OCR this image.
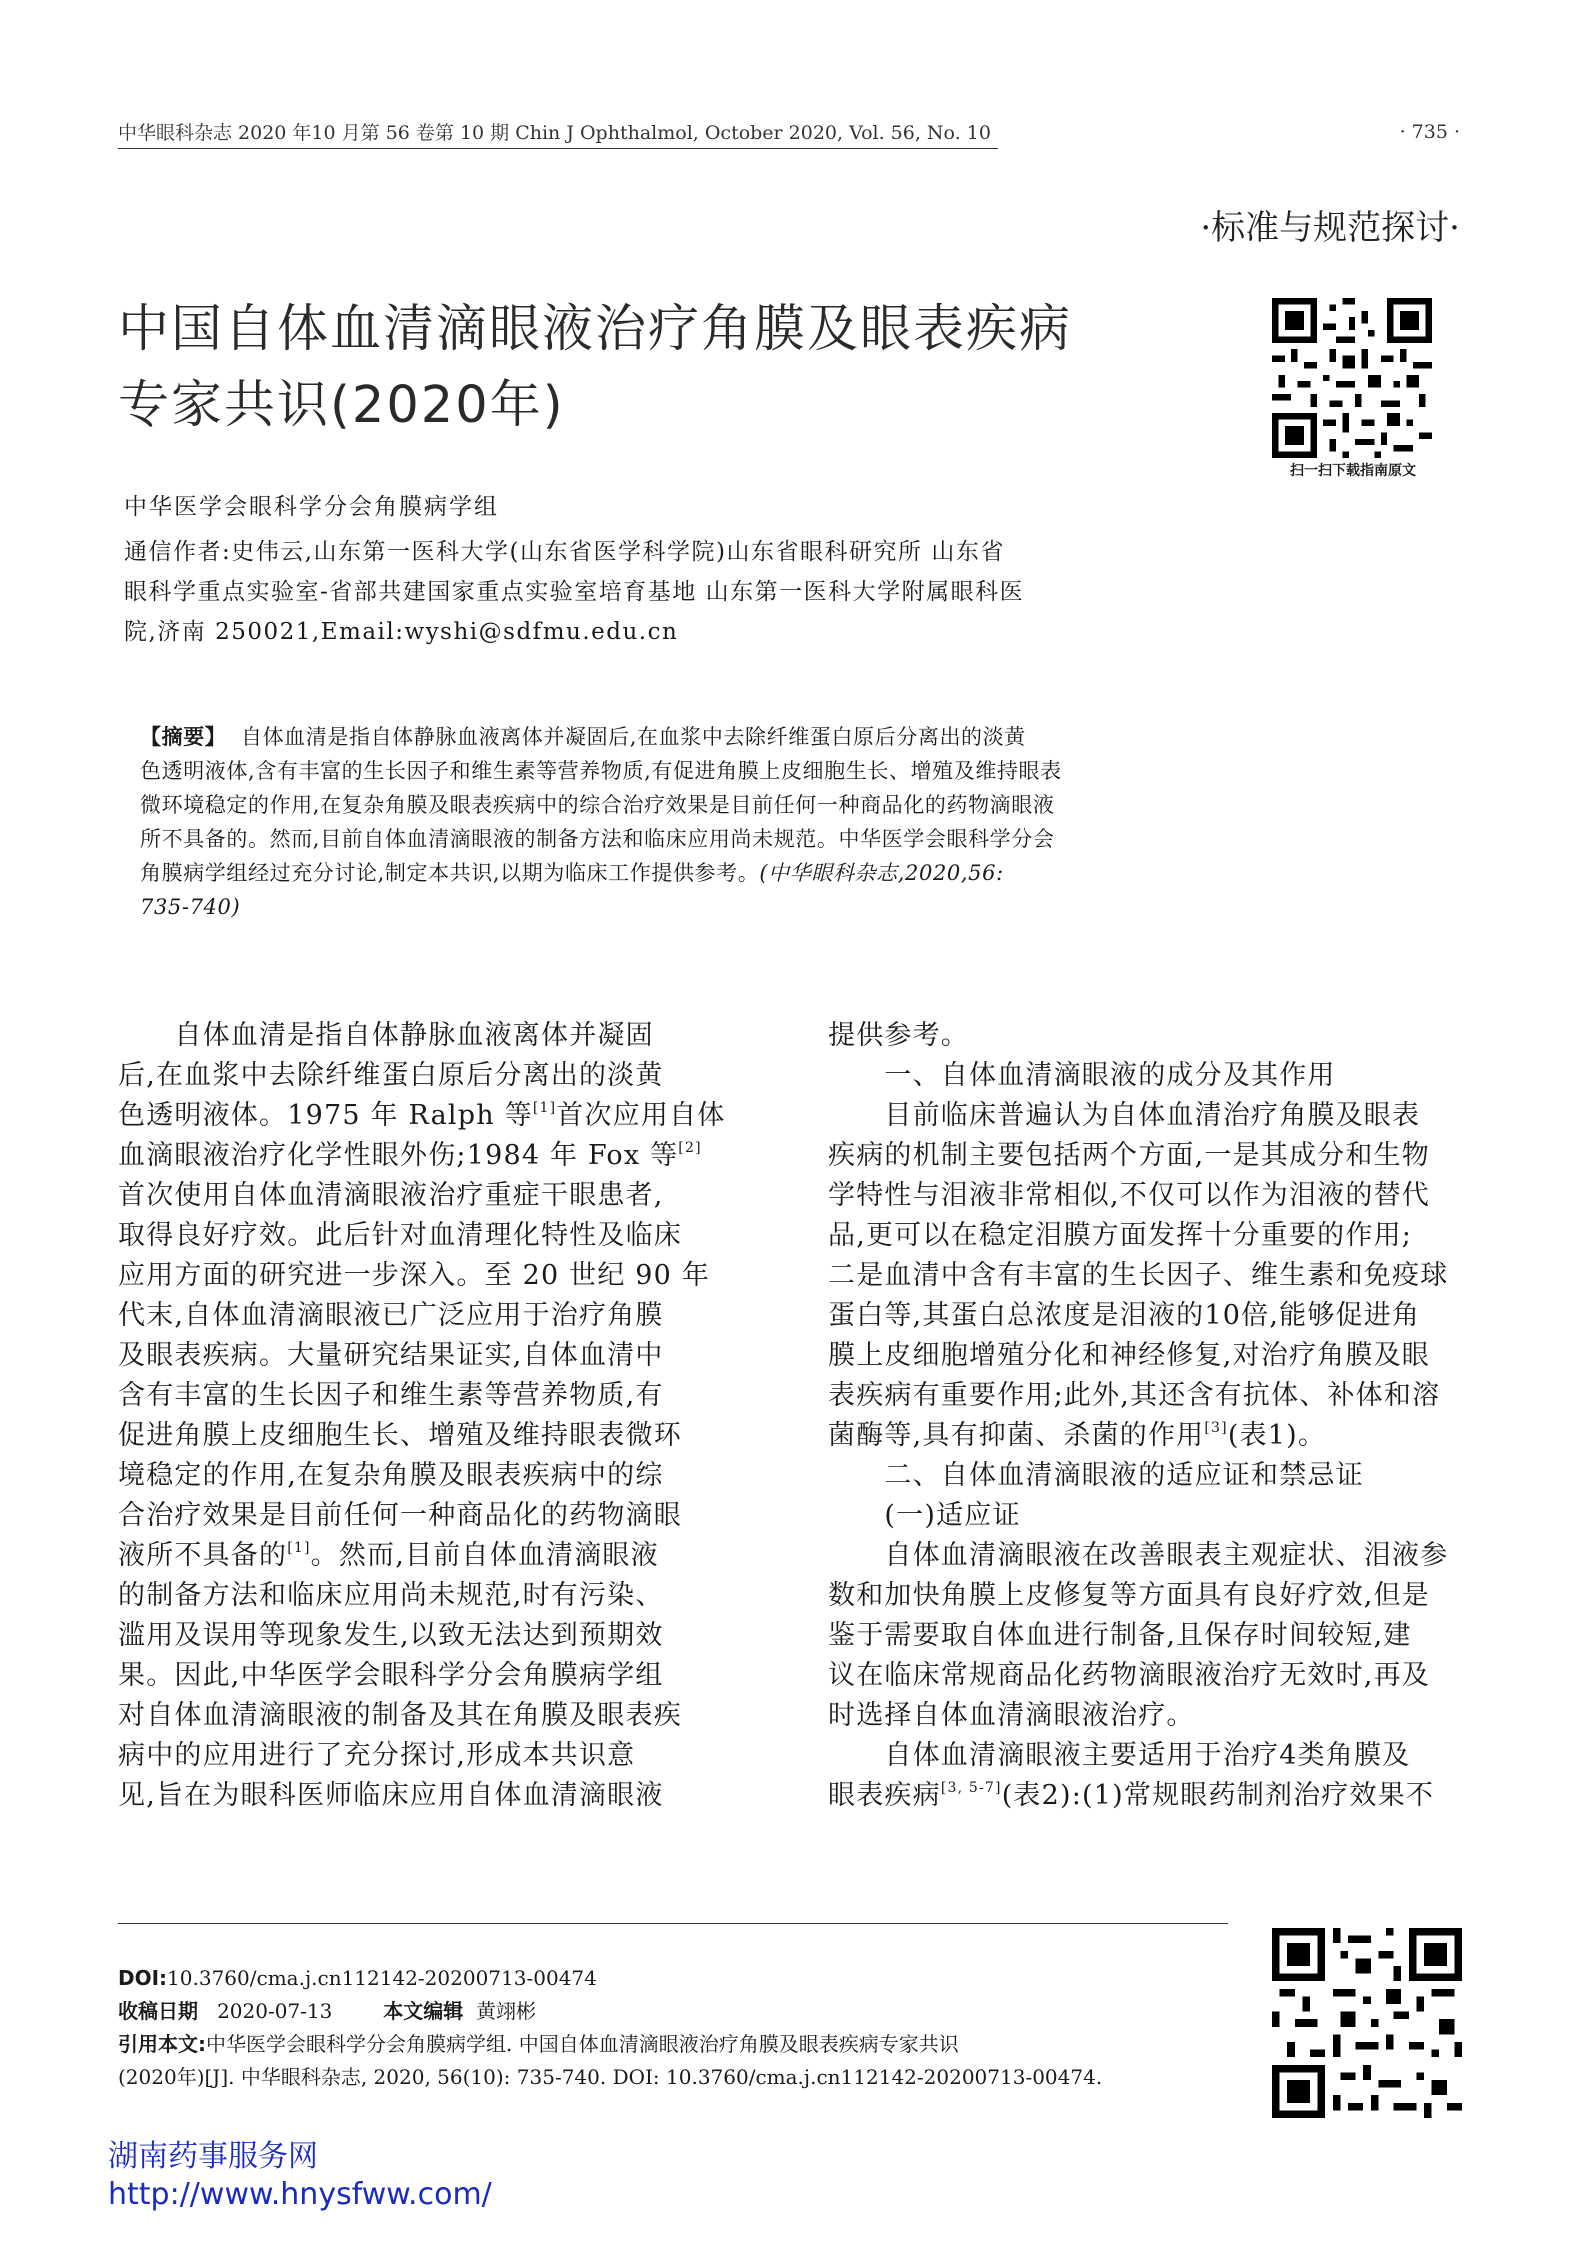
中华眼科杂志 2020 年10 月第 56 卷第 10 期 Chin J Ophthalmol, October 2020, Vol. 56, No. 10	· 735 ·
·标准与规范探讨·
中国自体血清滴眼液治疗角膜及眼表疾病
专家共识(2020年)
扫一扫下载指南原文
中华医学会眼科学分会角膜病学组
通信作者:史伟云,山东第一医科大学(山东省医学科学院)山东省眼科研究所 山东省
眼科学重点实验室-省部共建国家重点实验室培育基地 山东第一医科大学附属眼科医
院,济南 250021,Email:wyshi@sdfmu.edu.cn
【摘要】 自体血清是指自体静脉血液离体并凝固后,在血浆中去除纤维蛋白原后分离出的淡黄
色透明液体,含有丰富的生长因子和维生素等营养物质,有促进角膜上皮细胞生长、增殖及维持眼表
微环境稳定的作用,在复杂角膜及眼表疾病中的综合治疗效果是目前任何一种商品化的药物滴眼液
所不具备的。然而,目前自体血清滴眼液的制备方法和临床应用尚未规范。中华医学会眼科学分会
角膜病学组经过充分讨论,制定本共识,以期为临床工作提供参考。(中华眼科杂志,2020,56:
735-740)
　　自体血清是指自体静脉血液离体并凝固
后,在血浆中去除纤维蛋白原后分离出的淡黄
色透明液体。1975 年 Ralph 等[1]首次应用自体
血滴眼液治疗化学性眼外伤;1984 年 Fox 等[2]
首次使用自体血清滴眼液治疗重症干眼患者,
取得良好疗效。此后针对血清理化特性及临床
应用方面的研究进一步深入。至 20 世纪 90 年
代末,自体血清滴眼液已广泛应用于治疗角膜
及眼表疾病。大量研究结果证实,自体血清中
含有丰富的生长因子和维生素等营养物质,有
促进角膜上皮细胞生长、增殖及维持眼表微环
境稳定的作用,在复杂角膜及眼表疾病中的综
合治疗效果是目前任何一种商品化的药物滴眼
液所不具备的[1]。然而,目前自体血清滴眼液
的制备方法和临床应用尚未规范,时有污染、
滥用及误用等现象发生,以致无法达到预期效
果。因此,中华医学会眼科学分会角膜病学组
对自体血清滴眼液的制备及其在角膜及眼表疾
病中的应用进行了充分探讨,形成本共识意
见,旨在为眼科医师临床应用自体血清滴眼液
提供参考。
　　一、自体血清滴眼液的成分及其作用
　　目前临床普遍认为自体血清治疗角膜及眼表
疾病的机制主要包括两个方面,一是其成分和生物
学特性与泪液非常相似,不仅可以作为泪液的替代
品,更可以在稳定泪膜方面发挥十分重要的作用;
二是血清中含有丰富的生长因子、维生素和免疫球
蛋白等,其蛋白总浓度是泪液的10倍,能够促进角
膜上皮细胞增殖分化和神经修复,对治疗角膜及眼
表疾病有重要作用;此外,其还含有抗体、补体和溶
菌酶等,具有抑菌、杀菌的作用[3](表1)。
　　二、自体血清滴眼液的适应证和禁忌证
　　(一)适应证
　　自体血清滴眼液在改善眼表主观症状、泪液参
数和加快角膜上皮修复等方面具有良好疗效,但是
鉴于需要取自体血进行制备,且保存时间较短,建
议在临床常规商品化药物滴眼液治疗无效时,再及
时选择自体血清滴眼液治疗。
　　自体血清滴眼液主要适用于治疗4类角膜及
眼表疾病[3, 5-7](表2):(1)常规眼药制剂治疗效果不
DOI:10.3760/cma.j.cn112142-20200713-00474
收稿日期 2020-07-13	本文编辑 黄翊彬
引用本文:中华医学会眼科学分会角膜病学组. 中国自体血清滴眼液治疗角膜及眼表疾病专家共识
(2020年)[J]. 中华眼科杂志, 2020, 56(10): 735-740. DOI: 10.3760/cma.j.cn112142-20200713-00474.
湖南药事服务网
http://www.hnysfww.com/
